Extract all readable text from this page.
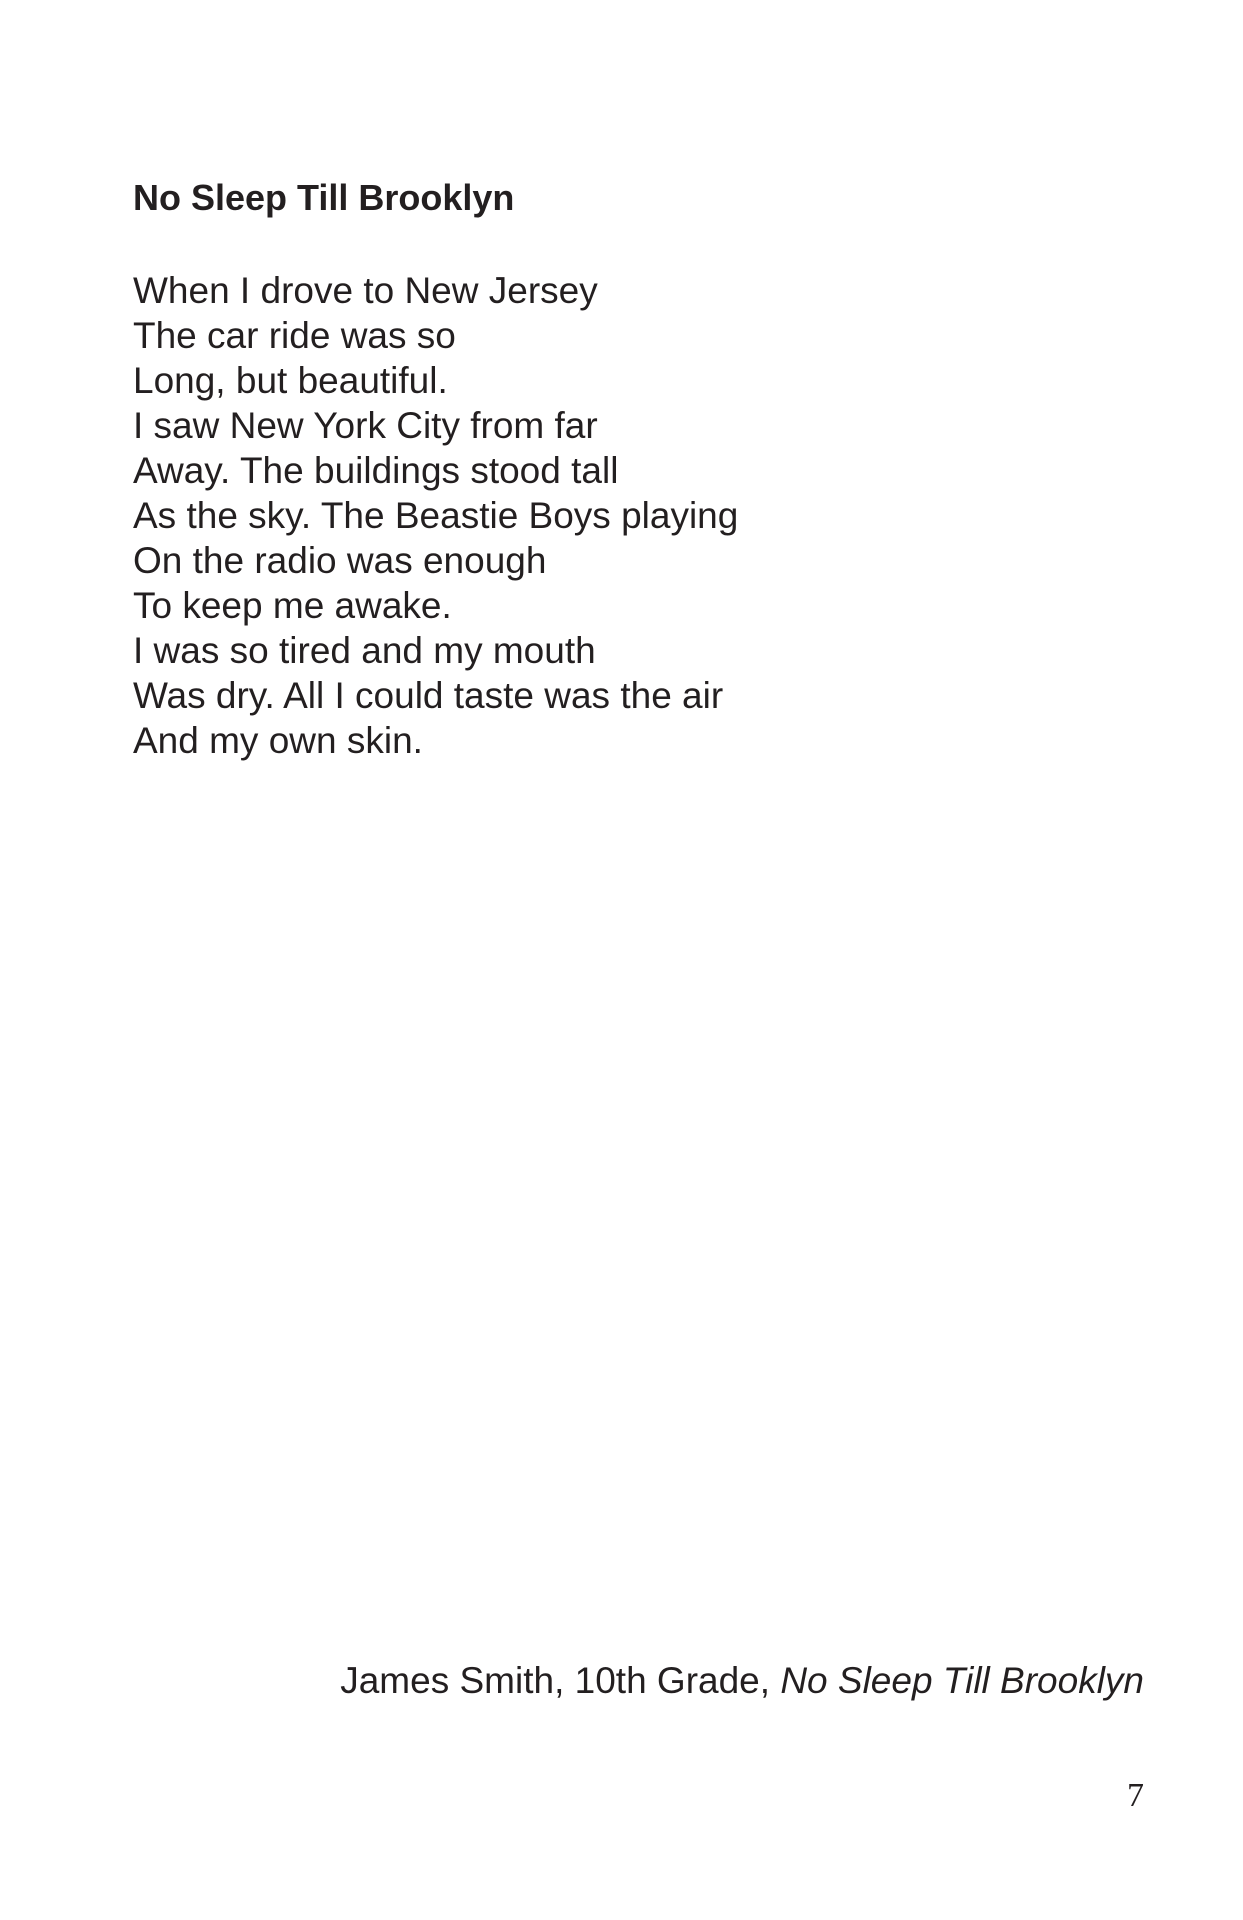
No Sleep Till Brooklyn
When I drove to New Jersey
The car ride was so
Long, but beautiful.
I saw New York City from far
Away. The buildings stood tall
As the sky. The Beastie Boys playing
On the radio was enough
To keep me awake.
I was so tired and my mouth
Was dry. All I could taste was the air
And my own skin.
James Smith, 10th Grade, No Sleep Till Brooklyn
7
